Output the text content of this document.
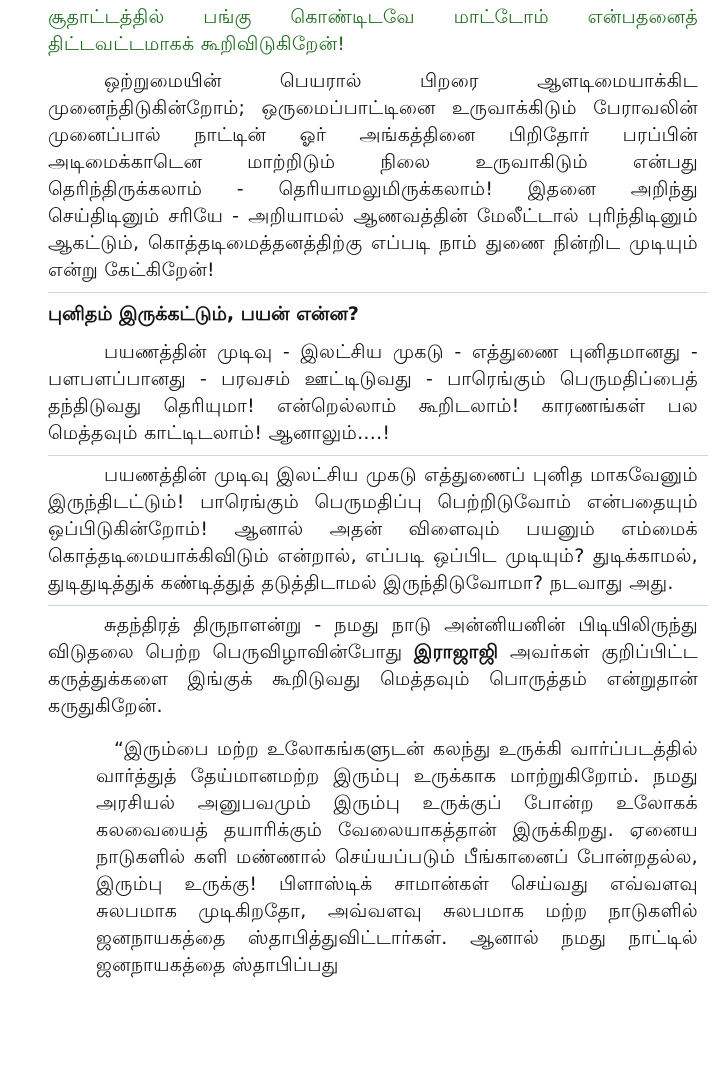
சூதாட்டத்தில் பங்கு கொண்டிடவே மாட்டோம் என்பதனைத் திட்டவட்டமாகக் கூறிவிடுகிறேன்!

ஒற்றுமையின் பெயரால் பிறரை ஆளடிமையாக்கிட முனைந்திடுகின்றோம்; ஒருமைப்பாட்டினை உருவாக்கிடும் பேராவலின் முனைப்பால் நாட்டின் ஓர் அங்கத்தினை பிறிதோர் பரப்பின் அடிமைக்காடென மாற்றிடும் நிலை உருவாகிடும் என்பது தெரிந்திருக்கலாம் - தெரியாமலுமிருக்கலாம்! இதனை அறிந்து செய்திடினும் சரியே - அறியாமல் ஆணவத்தின் மேலீட்டால் புரிந்திடினும் ஆகட்டும், கொத்தடிமைத்தனத்திற்கு எப்படி நாம் துணை நின்றிட முடியும் என்று கேட்கிறேன்!

புனிதம் இருக்கட்டும், பயன் என்ன?

பயணத்தின் முடிவு - இலட்சிய முகடு - எத்துணை புனிதமானது - பளபளப்பானது - பரவசம் ஊட்டிடுவது - பாரெங்கும் பெருமதிப்பைத் தந்திடுவது தெரியுமா! என்றெல்லாம் கூறிடலாம்! காரணங்கள் பல மெத்தவும் காட்டிடலாம்! ஆனாலும்....!

பயணத்தின் முடிவு இலட்சிய முகடு எத்துணைப் புனித மாகவேனும் இருந்திடட்டும்! பாரெங்கும் பெருமதிப்பு பெற்றிடுவோம் என்பதையும் ஒப்பிடுகின்றோம்! ஆனால் அதன் விளைவும் பயனும் எம்மைக் கொத்தடிமையாக்கிவிடும் என்றால், எப்படி ஒப்பிட முடியும்? துடிக்காமல், துடிதுடித்துக் கண்டித்துத் தடுத்திடாமல் இருந்திடுவோமா? நடவாது அது.

சுதந்திரத் திருநாளன்று - நமது நாடு அன்னியனின் பிடியிலிருந்து விடுதலை பெற்ற பெருவிழாவின்போது இராஜாஜி அவர்கள் குறிப்பிட்ட கருத்துக்களை இங்குக் கூறிடுவது மெத்தவும் பொருத்தம் என்றுதான் கருதுகிறேன்.

“இரும்பை மற்ற உலோகங்களுடன் கலந்து உருக்கி வார்ப்படத்தில் வார்த்துத் தேய்மானமற்ற இரும்பு உருக்காக மாற்றுகிறோம். நமது அரசியல் அனுபவமும் இரும்பு உருக்குப் போன்ற உலோகக் கலவையைத் தயாரிக்கும் வேலையாகத்தான் இருக்கிறது. ஏனைய நாடுகளில் களி மண்ணால் செய்யப்படும் பீங்கானைப் போன்றதல்ல, இரும்பு உருக்கு! பிளாஸ்டிக் சாமான்கள் செய்வது எவ்வளவு சுலபமாக முடிகிறதோ, அவ்வளவு சுலபமாக மற்ற நாடுகளில் ஜனநாயகத்தை ஸ்தாபித்துவிட்டார்கள். ஆனால் நமது நாட்டில் ஜனநாயகத்தை ஸ்தாபிப்பது
